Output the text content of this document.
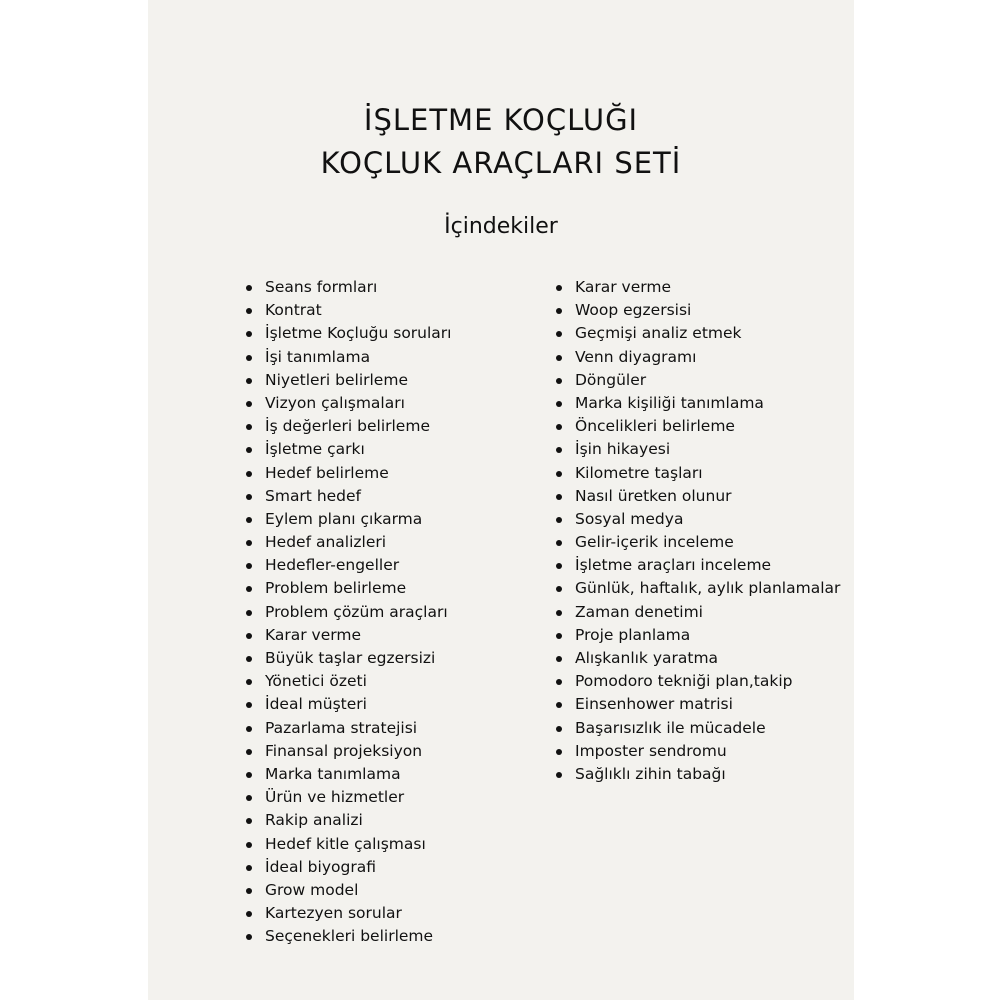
İŞLETME KOÇLUĞI
KOÇLUK ARAÇLARI SETİ
İçindekiler
Seans formları
Kontrat
İşletme Koçluğu soruları
İşi tanımlama
Niyetleri belirleme
Vizyon çalışmaları
İş değerleri belirleme
İşletme çarkı
Hedef belirleme
Smart hedef
Eylem planı çıkarma
Hedef analizleri
Hedefler-engeller
Problem belirleme
Problem çözüm araçları
Karar verme
Büyük taşlar egzersizi
Yönetici özeti
İdeal müşteri
Pazarlama stratejisi
Finansal projeksiyon
Marka tanımlama
Ürün ve hizmetler
Rakip analizi
Hedef kitle çalışması
İdeal biyografi
Grow model
Kartezyen sorular
Seçenekleri belirleme
Karar verme
Woop egzersisi
Geçmişi analiz etmek
Venn diyagramı
Döngüler
Marka kişiliği tanımlama
Öncelikleri belirleme
İşin hikayesi
Kilometre taşları
Nasıl üretken olunur
Sosyal medya
Gelir-içerik inceleme
İşletme araçları inceleme
Günlük, haftalık, aylık planlamalar
Zaman denetimi
Proje planlama
Alışkanlık yaratma
Pomodoro tekniği plan,takip
Einsenhower matrisi
Başarısızlık ile mücadele
Imposter sendromu
Sağlıklı zihin tabağı
